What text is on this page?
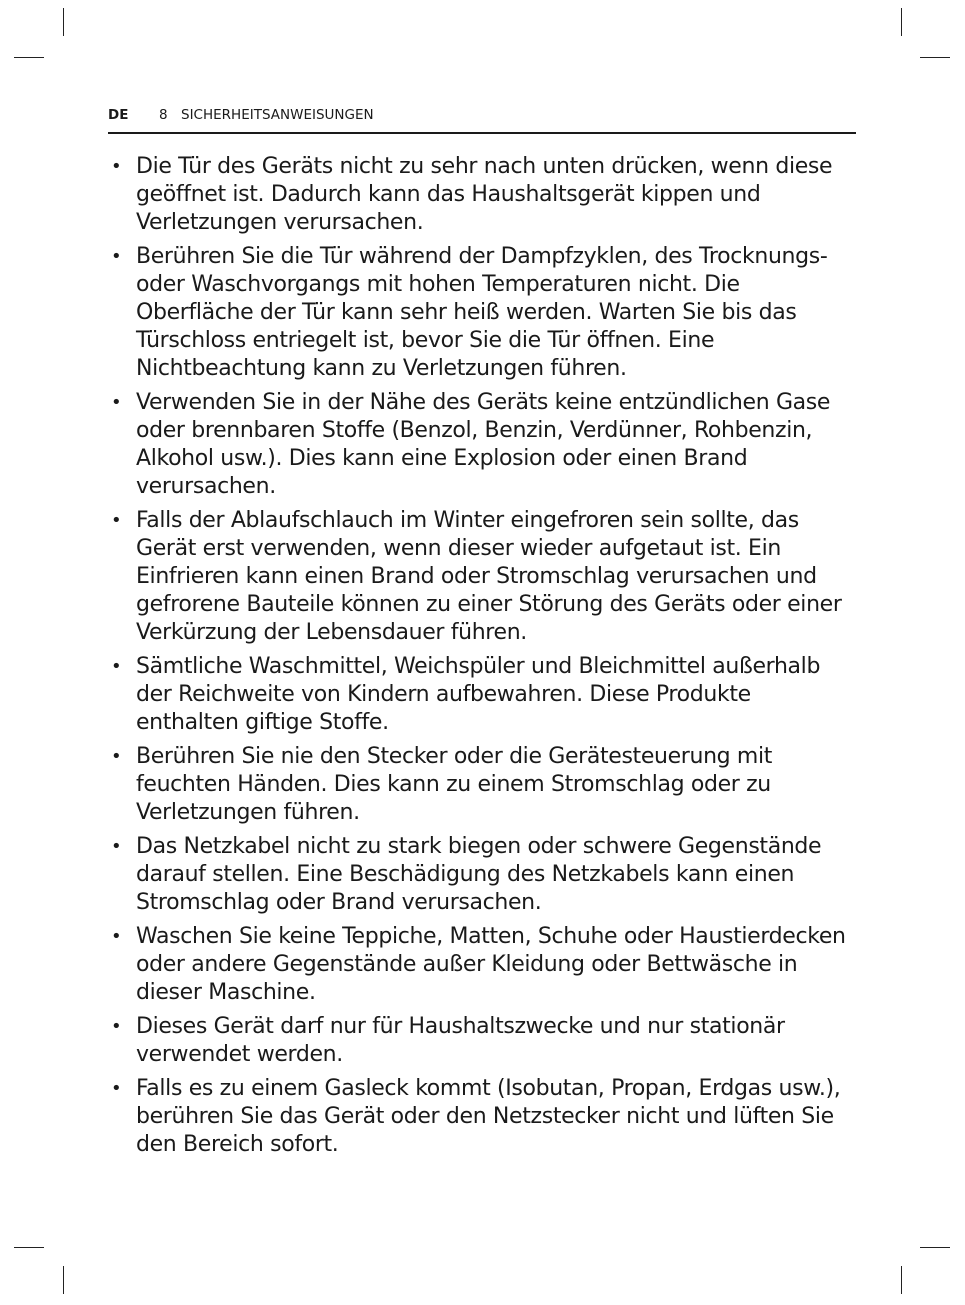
DE 8 SICHERHEITSANWEISUNGEN
• Die Tür des Geräts nicht zu sehr nach unten drücken, wenn diese geöffnet ist. Dadurch kann das Haushaltsgerät kippen und Verletzungen verursachen.
• Berühren Sie die Tür während der Dampfzyklen, des Trocknungs- oder Waschvorgangs mit hohen Temperaturen nicht. Die Oberfläche der Tür kann sehr heiß werden. Warten Sie bis das Türschloss entriegelt ist, bevor Sie die Tür öffnen. Eine Nichtbeachtung kann zu Verletzungen führen.
• Verwenden Sie in der Nähe des Geräts keine entzündlichen Gase oder brennbaren Stoffe (Benzol, Benzin, Verdünner, Rohbenzin, Alkohol usw.). Dies kann eine Explosion oder einen Brand verursachen.
• Falls der Ablaufschlauch im Winter eingefroren sein sollte, das Gerät erst verwenden, wenn dieser wieder aufgetaut ist. Ein Einfrieren kann einen Brand oder Stromschlag verursachen und gefrorene Bauteile können zu einer Störung des Geräts oder einer Verkürzung der Lebensdauer führen.
• Sämtliche Waschmittel, Weichspüler und Bleichmittel außerhalb der Reichweite von Kindern aufbewahren. Diese Produkte enthalten giftige Stoffe.
• Berühren Sie nie den Stecker oder die Gerätesteuerung mit feuchten Händen. Dies kann zu einem Stromschlag oder zu Verletzungen führen.
• Das Netzkabel nicht zu stark biegen oder schwere Gegenstände darauf stellen. Eine Beschädigung des Netzkabels kann einen Stromschlag oder Brand verursachen.
• Waschen Sie keine Teppiche, Matten, Schuhe oder Haustierdecken oder andere Gegenstände außer Kleidung oder Bettwäsche in dieser Maschine.
• Dieses Gerät darf nur für Haushaltszwecke und nur stationär verwendet werden.
• Falls es zu einem Gasleck kommt (Isobutan, Propan, Erdgas usw.), berühren Sie das Gerät oder den Netzstecker nicht und lüften Sie den Bereich sofort.
